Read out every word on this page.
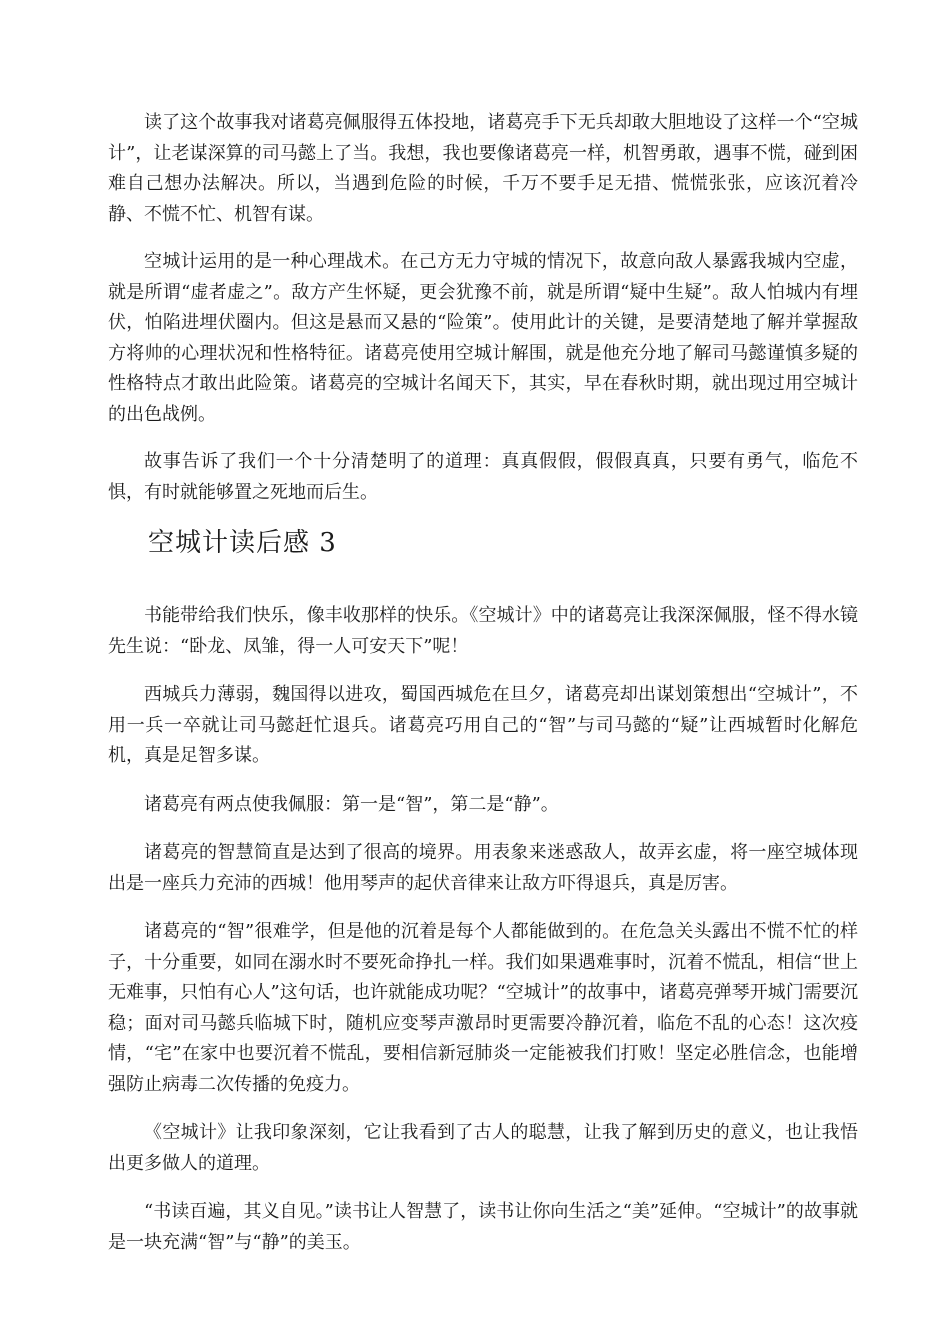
读了这个故事我对诸葛亮佩服得五体投地，诸葛亮手下无兵却敢大胆地设了这样一个“空城计”，让老谋深算的司马懿上了当。我想，我也要像诸葛亮一样，机智勇敢，遇事不慌，碰到困难自己想办法解决。所以，当遇到危险的时候，千万不要手足无措、慌慌张张，应该沉着冷静、不慌不忙、机智有谋。

空城计运用的是一种心理战术。在己方无力守城的情况下，故意向敌人暴露我城内空虚，就是所谓“虚者虚之”。敌方产生怀疑，更会犹豫不前，就是所谓“疑中生疑”。敌人怕城内有埋伏，怕陷进埋伏圈内。但这是悬而又悬的“险策”。使用此计的关键，是要清楚地了解并掌握敌方将帅的心理状况和性格特征。诸葛亮使用空城计解围，就是他充分地了解司马懿谨慎多疑的性格特点才敢出此险策。诸葛亮的空城计名闻天下，其实，早在春秋时期，就出现过用空城计的出色战例。

故事告诉了我们一个十分清楚明了的道理：真真假假，假假真真，只要有勇气，临危不惧，有时就能够置之死地而后生。

空城计读后感 3

书能带给我们快乐，像丰收那样的快乐。《空城计》中的诸葛亮让我深深佩服，怪不得水镜先生说：“卧龙、凤雏，得一人可安天下”呢！

西城兵力薄弱，魏国得以进攻，蜀国西城危在旦夕，诸葛亮却出谋划策想出“空城计”，不用一兵一卒就让司马懿赶忙退兵。诸葛亮巧用自己的“智”与司马懿的“疑”让西城暂时化解危机，真是足智多谋。

诸葛亮有两点使我佩服：第一是“智”，第二是“静”。

诸葛亮的智慧简直是达到了很高的境界。用表象来迷惑敌人，故弄玄虚，将一座空城体现出是一座兵力充沛的西城！他用琴声的起伏音律来让敌方吓得退兵，真是厉害。

诸葛亮的“智”很难学，但是他的沉着是每个人都能做到的。在危急关头露出不慌不忙的样子，十分重要，如同在溺水时不要死命挣扎一样。我们如果遇难事时，沉着不慌乱，相信“世上无难事，只怕有心人”这句话，也许就能成功呢？“空城计”的故事中，诸葛亮弹琴开城门需要沉稳；面对司马懿兵临城下时，随机应变琴声激昂时更需要冷静沉着，临危不乱的心态！这次疫情，“宅”在家中也要沉着不慌乱，要相信新冠肺炎一定能被我们打败！坚定必胜信念，也能增强防止病毒二次传播的免疫力。

《空城计》让我印象深刻，它让我看到了古人的聪慧，让我了解到历史的意义，也让我悟出更多做人的道理。

“书读百遍，其义自见。”读书让人智慧了，读书让你向生活之“美”延伸。“空城计”的故事就是一块充满“智”与“静”的美玉。
